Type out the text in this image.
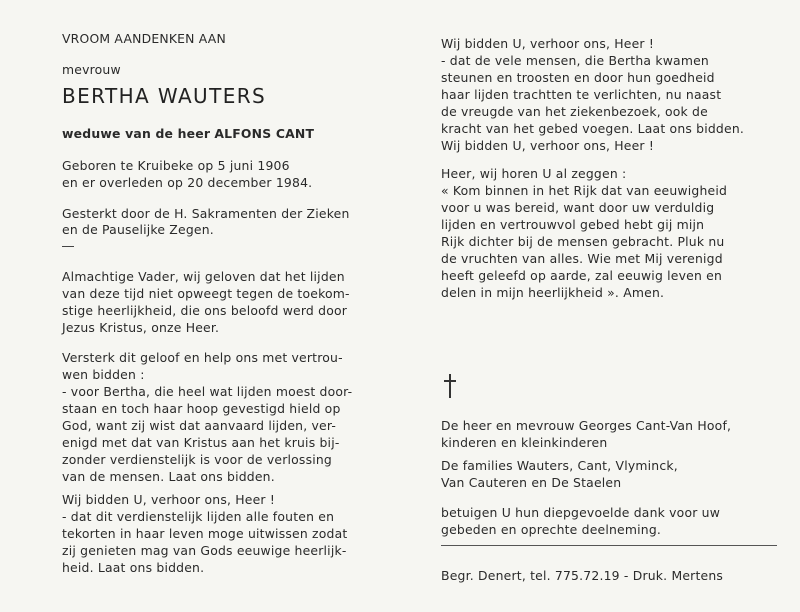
VROOM AANDENKEN AAN
mevrouw
BERTHA WAUTERS
weduwe van de heer ALFONS CANT
Geboren te Kruibeke op 5 juni 1906
en er overleden op 20 december 1984.
Gesterkt door de H. Sakramenten der Zieken
en de Pauselijke Zegen.
Almachtige Vader, wij geloven dat het lijden
van deze tijd niet opweegt tegen de toekom-
stige heerlijkheid, die ons beloofd werd door
Jezus Kristus, onze Heer.
Versterk dit geloof en help ons met vertrou-
wen bidden :
- voor Bertha, die heel wat lijden moest door-
staan en toch haar hoop gevestigd hield op
God, want zij wist dat aanvaard lijden, ver-
enigd met dat van Kristus aan het kruis bij-
zonder verdienstelijk is voor de verlossing
van de mensen. Laat ons bidden.
Wij bidden U, verhoor ons, Heer !
- dat dit verdienstelijk lijden alle fouten en
tekorten in haar leven moge uitwissen zodat
zij genieten mag van Gods eeuwige heerlijk-
heid. Laat ons bidden.
Wij bidden U, verhoor ons, Heer !
- dat de vele mensen, die Bertha kwamen
steunen en troosten en door hun goedheid
haar lijden trachtten te verlichten, nu naast
de vreugde van het ziekenbezoek, ook de
kracht van het gebed voegen. Laat ons bidden.
Wij bidden U, verhoor ons, Heer !
Heer, wij horen U al zeggen :
« Kom binnen in het Rijk dat van eeuwigheid
voor u was bereid, want door uw verduldig
lijden en vertrouwvol gebed hebt gij mijn
Rijk dichter bij de mensen gebracht. Pluk nu
de vruchten van alles. Wie met Mij verenigd
heeft geleefd op aarde, zal eeuwig leven en
delen in mijn heerlijkheid ». Amen.
De heer en mevrouw Georges Cant-Van Hoof,
kinderen en kleinkinderen
De families Wauters, Cant, Vlyminck,
Van Cauteren en De Staelen
betuigen U hun diepgevoelde dank voor uw
gebeden en oprechte deelneming.
Begr. Denert, tel. 775.72.19 - Druk. Mertens
